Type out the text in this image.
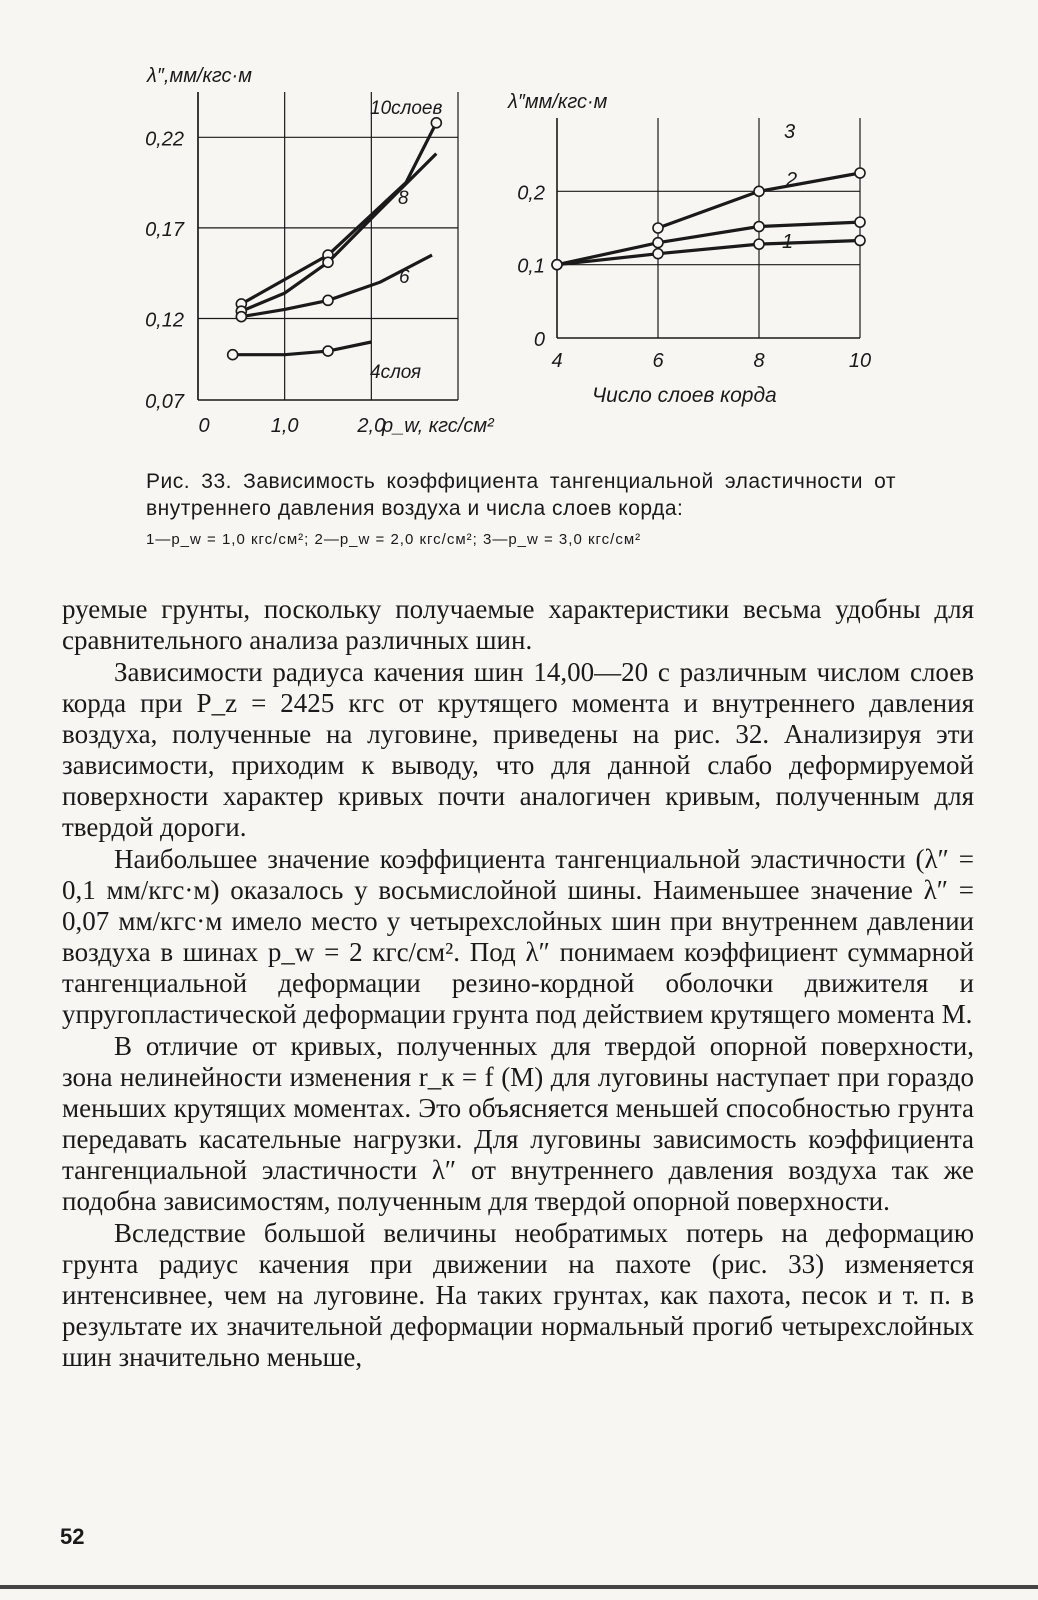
0,07
0,12
0,17
0,22
0	1,0	2,0
λ″,мм/кгс·м
p_w, кгс/см²
10слоев
8
6
4слоя
0
0,1
0,2
4	6	8	10
λ″мм/кгс·м
Число слоев корда
1
2
3
Рис. 33. Зависимость коэффициента тангенциальной эластичности от внутреннего давления воздуха и числа слоев корда:
1—p_w = 1,0 кгс/см²; 2—p_w = 2,0 кгс/см²; 3—p_w = 3,0 кгс/см²

руемые грунты, поскольку получаемые характеристики весьма удобны для сравнительного анализа различных шин.

Зависимости радиуса качения шин 14,00—20 с различным числом слоев корда при P_z = 2425 кгс от крутящего момента и внутреннего давления воздуха, полученные на луговине, приведены на рис. 32. Анализируя эти зависимости, приходим к выводу, что для данной слабо деформируемой поверхности характер кривых почти аналогичен кривым, полученным для твердой дороги.

Наибольшее значение коэффициента тангенциальной эластичности (λ″ = 0,1 мм/кгс·м) оказалось у восьмислойной шины. Наименьшее значение λ″ = 0,07 мм/кгс·м имело место у четырехслойных шин при внутреннем давлении воздуха в шинах p_w = 2 кгс/см². Под λ″ понимаем коэффициент суммарной тангенциальной деформации резино-кордной оболочки движителя и упругопластической деформации грунта под действием крутящего момента M.

В отличие от кривых, полученных для твердой опорной поверхности, зона нелинейности изменения r_к = f (M) для луговины наступает при гораздо меньших крутящих моментах. Это объясняется меньшей способностью грунта передавать касательные нагрузки. Для луговины зависимость коэффициента тангенциальной эластичности λ″ от внутреннего давления воздуха так же подобна зависимостям, полученным для твердой опорной поверхности.

Вследствие большой величины необратимых потерь на деформацию грунта радиус качения при движении на пахоте (рис. 33) изменяется интенсивнее, чем на луговине. На таких грунтах, как пахота, песок и т. п. в результате их значительной деформации нормальный прогиб четырехслойных шин значительно меньше,

52
